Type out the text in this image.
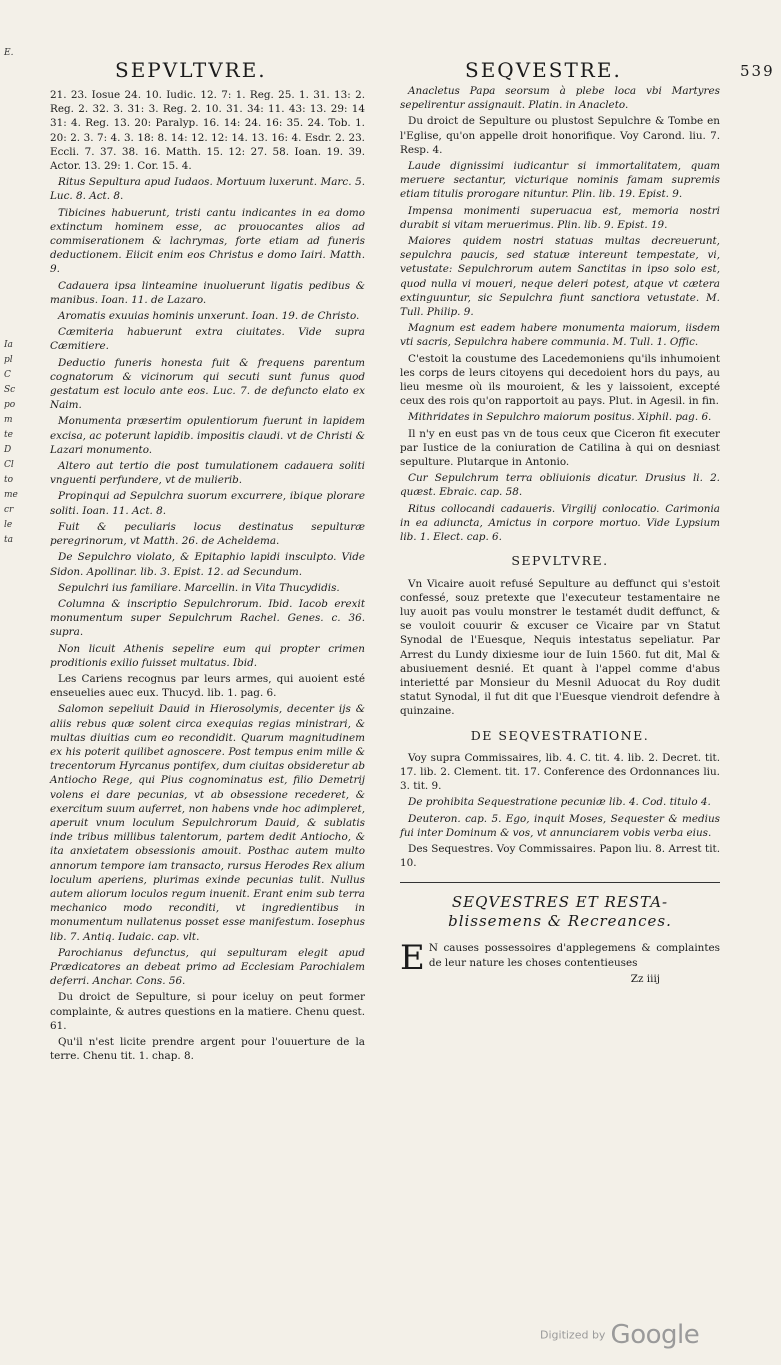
E.
Ia
pl
C
Sc
po
m
te
D
Cl
to
me
cr
le
ta
SEPVLTVRE.	SEQVESTRE.	539

21. 23. Iosue 24. 10. Iudic. 12. 7: 1. Reg. 25. 1. 31. 13: 2. Reg. 2. 32. 3. 31: 3. Reg. 2. 10. 31. 34: 11. 43: 13. 29: 14 31: 4. Reg. 13. 20: Paralyp. 16. 14: 24. 16: 35. 24. Tob. 1. 20: 2. 3. 7: 4. 3. 18: 8. 14: 12. 12: 14. 13. 16: 4. Esdr. 2. 23. Eccli. 7. 37. 38. 16. Matth. 15. 12: 27. 58. Ioan. 19. 39. Actor. 13. 29: 1. Cor. 15. 4.

Ritus Sepultura apud Iudaos. Mortuum luxerunt. Marc. 5. Luc. 8. Act. 8.

Tibicines habuerunt, tristi cantu indicantes in ea domo extinctum hominem esse, ac prouocantes alios ad commiserationem & lachrymas, forte etiam ad funeris deductionem. Eiicit enim eos Christus e domo Iairi. Matth. 9.

Cadauera ipsa linteamine inuoluerunt ligatis pedibus & manibus. Ioan. 11. de Lazaro.

Aromatis exuuias hominis unxerunt. Ioan. 19. de Christo.

Cæmiteria habuerunt extra ciuitates. Vide supra Cæmitiere.

Deductio funeris honesta fuit & frequens parentum cognatorum & vicinorum qui secuti sunt funus quod gestatum est loculo ante eos. Luc. 7. de defuncto elato ex Naim.

Monumenta præsertim opulentiorum fuerunt in lapidem excisa, ac poterunt lapidib. impositis claudi. vt de Christi & Lazari monumento.

Altero aut tertio die post tumulationem cadauera soliti vnguenti perfundere, vt de mulierib.

Propinqui ad Sepulchra suorum excurrere, ibique plorare soliti. Ioan. 11. Act. 8.

Fuit & peculiaris locus destinatus sepulturæ peregrinorum, vt Matth. 26. de Acheldema.

De Sepulchro violato, & Epitaphio lapidi insculpto. Vide Sidon. Apollinar. lib. 3. Epist. 12. ad Secundum.

Sepulchri ius familiare. Marcellin. in Vita Thucydidis.

Columna & inscriptio Sepulchrorum. Ibid. Iacob erexit monumentum super Sepulchrum Rachel. Genes. c. 36. supra.

Non licuit Athenis sepelire eum qui propter crimen proditionis exilio fuisset multatus. Ibid.

Les Cariens recognus par leurs armes, qui auoient esté enseuelies auec eux. Thucyd. lib. 1. pag. 6.

Salomon sepeliuit Dauid in Hierosolymis, decenter ijs & aliis rebus quæ solent circa exequias regias ministrari, & multas diuitias cum eo recondidit. Quarum magnitudinem ex his poterit quilibet agnoscere. Post tempus enim mille & trecentorum Hyrcanus pontifex, dum ciuitas obsideretur ab Antiocho Rege, qui Pius cognominatus est, filio Demetrij volens ei dare pecunias, vt ab obsessione recederet, & exercitum suum auferret, non habens vnde hoc adimpleret, aperuit vnum loculum Sepulchrorum Dauid, & sublatis inde tribus millibus talentorum, partem dedit Antiocho, & ita anxietatem obsessionis amouit. Posthac autem multo annorum tempore iam transacto, rursus Herodes Rex alium loculum aperiens, plurimas exinde pecunias tulit. Nullus autem aliorum loculos regum inuenit. Erant enim sub terra mechanico modo reconditi, vt ingredientibus in monumentum nullatenus posset esse manifestum. Iosephus lib. 7. Antiq. Iudaic. cap. vlt.

Parochianus defunctus, qui sepulturam elegit apud Prædicatores an debeat primo ad Ecclesiam Parochialem deferri. Anchar. Cons. 56.

Du droict de Sepulture, si pour iceluy on peut former complainte, & autres questions en la matiere. Chenu quest. 61.

Qu'il n'est licite prendre argent pour l'ouuerture de la terre. Chenu tit. 1. chap. 8.

Anacletus Papa seorsum à plebe loca vbi Martyres sepelirentur assignauit. Platin. in Anacleto.

Du droict de Sepulture ou plustost Sepulchre & Tombe en l'Eglise, qu'on appelle droit honorifique. Voy Carond. liu. 7. Resp. 4.

Laude dignissimi iudicantur si immortalitatem, quam meruere sectantur, victurique nominis famam supremis etiam titulis prorogare nituntur. Plin. lib. 19. Epist. 9.

Impensa monimenti superuacua est, memoria nostri durabit si vitam meruerimus. Plin. lib. 9. Epist. 19.

Maiores quidem nostri statuas multas decreuerunt, sepulchra paucis, sed statuæ intereunt tempestate, vi, vetustate: Sepulchrorum autem Sanctitas in ipso solo est, quod nulla vi moueri, neque deleri potest, atque vt cætera extinguuntur, sic Sepulchra fiunt sanctiora vetustate. M. Tull. Philip. 9.

Magnum est eadem habere monumenta maiorum, iisdem vti sacris, Sepulchra habere communia. M. Tull. 1. Offic.

C'estoit la coustume des Lacedemoniens qu'ils inhumoient les corps de leurs citoyens qui decedoient hors du pays, au lieu mesme où ils mouroient, & les y laissoient, excepté ceux des rois qu'on rapportoit au pays. Plut. in Agesil. in fin.

Mithridates in Sepulchro maiorum positus. Xiphil. pag. 6.

Il n'y en eust pas vn de tous ceux que Ciceron fit executer par Iustice de la coniuration de Catilina à qui on desniast sepulture. Plutarque in Antonio.

Cur Sepulchrum terra obliuionis dicatur. Drusius li. 2. quæst. Ebraic. cap. 58.

Ritus collocandi cadaueris. Virgilij conlocatio. Carimonia in ea adiuncta, Amictus in corpore mortuo. Vide Lypsium lib. 1. Elect. cap. 6.

SEPVLTVRE.

Vn Vicaire auoit refusé Sepulture au deffunct qui s'estoit confessé, souz pretexte que l'executeur testamentaire ne luy auoit pas voulu monstrer le testamét dudit deffunct, & se vouloit couurir & excuser ce Vicaire par vn Statut Synodal de l'Euesque, Nequis intestatus sepeliatur. Par Arrest du Lundy dixiesme iour de Iuin 1560. fut dit, Mal & abusiuement desnié. Et quant à l'appel comme d'abus interietté par Monsieur du Mesnil Aduocat du Roy dudit statut Synodal, il fut dit que l'Euesque viendroit defendre à quinzaine.

DE SEQVESTRATIONE.

Voy supra Commissaires, lib. 4. C. tit. 4. lib. 2. Decret. tit. 17. lib. 2. Clement. tit. 17. Conference des Ordonnances liu. 3. tit. 9.

De prohibita Sequestratione pecuniæ lib. 4. Cod. titulo 4.

Deuteron. cap. 5. Ego, inquit Moses, Sequester & medius fui inter Dominum & vos, vt annunciarem vobis verba eius.

Des Sequestres. Voy Commissaires. Papon liu. 8. Arrest tit. 10.

SEQVESTRES ET RESTA-
blissemens & Recreances.

E N causes possessoires d'applegemens & complaintes de leur nature les choses contentieuses

Zz iiij
Digitized by Google
